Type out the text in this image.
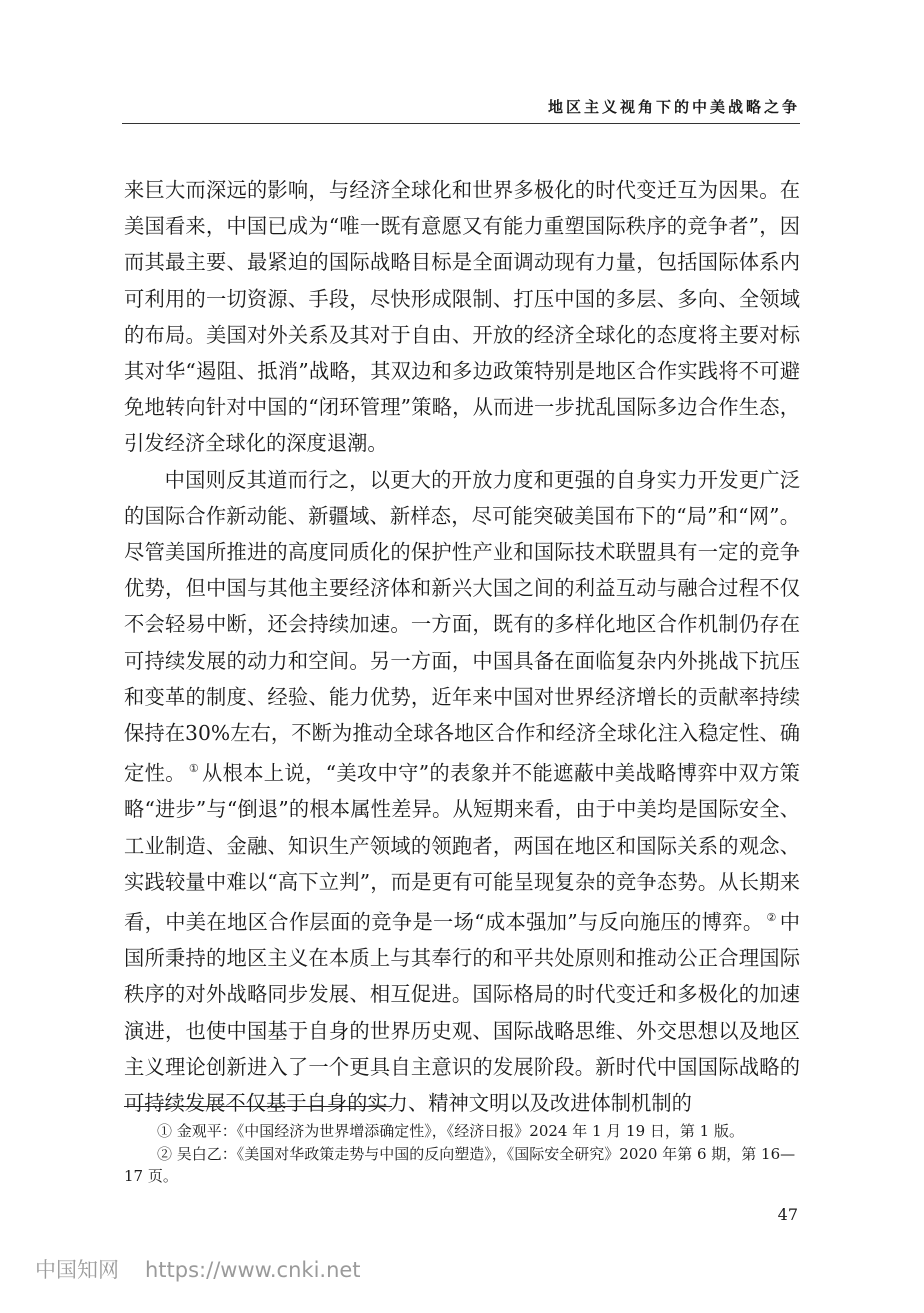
地区主义视角下的中美战略之争

来巨大而深远的影响，与经济全球化和世界多极化的时代变迁互为因果。在美国看来，中国已成为“唯一既有意愿又有能力重塑国际秩序的竞争者”，因而其最主要、最紧迫的国际战略目标是全面调动现有力量，包括国际体系内可利用的一切资源、手段，尽快形成限制、打压中国的多层、多向、全领域的布局。美国对外关系及其对于自由、开放的经济全球化的态度将主要对标其对华“遏阻、抵消”战略，其双边和多边政策特别是地区合作实践将不可避免地转向针对中国的“闭环管理”策略，从而进一步扰乱国际多边合作生态，引发经济全球化的深度退潮。

中国则反其道而行之，以更大的开放力度和更强的自身实力开发更广泛的国际合作新动能、新疆域、新样态，尽可能突破美国布下的“局”和“网”。尽管美国所推进的高度同质化的保护性产业和国际技术联盟具有一定的竞争优势，但中国与其他主要经济体和新兴大国之间的利益互动与融合过程不仅不会轻易中断，还会持续加速。一方面，既有的多样化地区合作机制仍存在可持续发展的动力和空间。另一方面，中国具备在面临复杂内外挑战下抗压和变革的制度、经验、能力优势，近年来中国对世界经济增长的贡献率持续保持在30%左右，不断为推动全球各地区合作和经济全球化注入稳定性、确定性。 ① 从根本上说，“美攻中守”的表象并不能遮蔽中美战略博弈中双方策略“进步”与“倒退”的根本属性差异。从短期来看，由于中美均是国际安全、工业制造、金融、知识生产领域的领跑者，两国在地区和国际关系的观念、实践较量中难以“高下立判”，而是更有可能呈现复杂的竞争态势。从长期来看，中美在地区合作层面的竞争是一场“成本强加”与反向施压的博弈。 ② 中国所秉持的地区主义在本质上与其奉行的和平共处原则和推动公正合理国际秩序的对外战略同步发展、相互促进。国际格局的时代变迁和多极化的加速演进，也使中国基于自身的世界历史观、国际战略思维、外交思想以及地区主义理论创新进入了一个更具自主意识的发展阶段。新时代中国国际战略的可持续发展不仅基于自身的实力、精神文明以及改进体制机制的

① 金观平：《中国经济为世界增添确定性》，《经济日报》2024 年 1 月 19 日，第 1 版。

② 吴白乙：《美国对华政策走势与中国的反向塑造》，《国际安全研究》2020 年第 6 期，第 16—17 页。

47
中国知网 https://www.cnki.net
